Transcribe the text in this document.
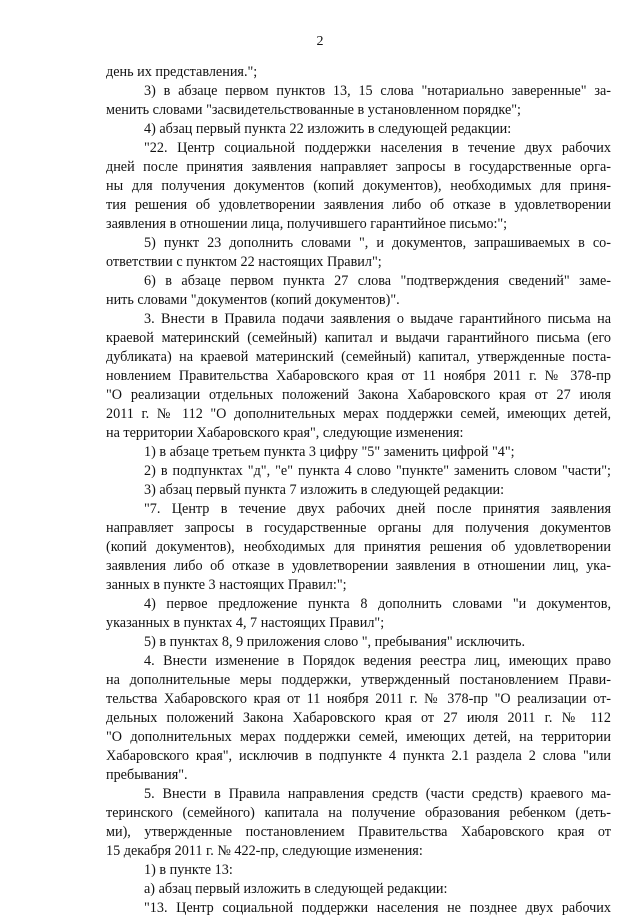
2
день их представления.";
3) в абзаце первом пунктов 13, 15 слова "нотариально заверенные" за-
менить словами "засвидетельствованные в установленном порядке";
4) абзац первый пункта 22 изложить в следующей редакции:
"22. Центр социальной поддержки населения в течение двух рабочих
дней после принятия заявления направляет запросы в государственные орга-
ны для получения документов (копий документов), необходимых для приня-
тия решения об удовлетворении заявления либо об отказе в удовлетворении
заявления в отношении лица, получившего гарантийное письмо:";
5) пункт 23 дополнить словами ", и документов, запрашиваемых в со-
ответствии с пунктом 22 настоящих Правил";
6) в абзаце первом пункта 27 слова "подтверждения сведений" заме-
нить словами "документов (копий документов)".
3. Внести в Правила подачи заявления о выдаче гарантийного письма на
краевой материнский (семейный) капитал и выдачи гарантийного письма (его
дубликата) на краевой материнский (семейный) капитал, утвержденные поста-
новлением Правительства Хабаровского края от 11 ноября 2011 г. № 378-пр
"О реализации отдельных положений Закона Хабаровского края от 27 июля
2011 г. № 112 "О дополнительных мерах поддержки семей, имеющих детей,
на территории Хабаровского края", следующие изменения:
1) в абзаце третьем пункта 3 цифру "5" заменить цифрой "4";
2) в подпунктах "д", "е" пункта 4 слово "пункте" заменить словом "части";
3) абзац первый пункта 7 изложить в следующей редакции:
"7. Центр в течение двух рабочих дней после принятия заявления
направляет запросы в государственные органы для получения документов
(копий документов), необходимых для принятия решения об удовлетворении
заявления либо об отказе в удовлетворении заявления в отношении лиц, ука-
занных в пункте 3 настоящих Правил:";
4) первое предложение пункта 8 дополнить словами "и документов,
указанных в пунктах 4, 7 настоящих Правил";
5) в пунктах 8, 9 приложения слово ", пребывания" исключить.
4. Внести изменение в Порядок ведения реестра лиц, имеющих право
на дополнительные меры поддержки, утвержденный постановлением Прави-
тельства Хабаровского края от 11 ноября 2011 г. № 378-пр "О реализации от-
дельных положений Закона Хабаровского края от 27 июля 2011 г. № 112
"О дополнительных мерах поддержки семей, имеющих детей, на территории
Хабаровского края", исключив в подпункте 4 пункта 2.1 раздела 2 слова "или
пребывания".
5. Внести в Правила направления средств (части средств) краевого ма-
теринского (семейного) капитала на получение образования ребенком (деть-
ми), утвержденные постановлением Правительства Хабаровского края от
15 декабря 2011 г. № 422-пр, следующие изменения:
1) в пункте 13:
а) абзац первый изложить в следующей редакции:
"13. Центр социальной поддержки населения не позднее двух рабочих
